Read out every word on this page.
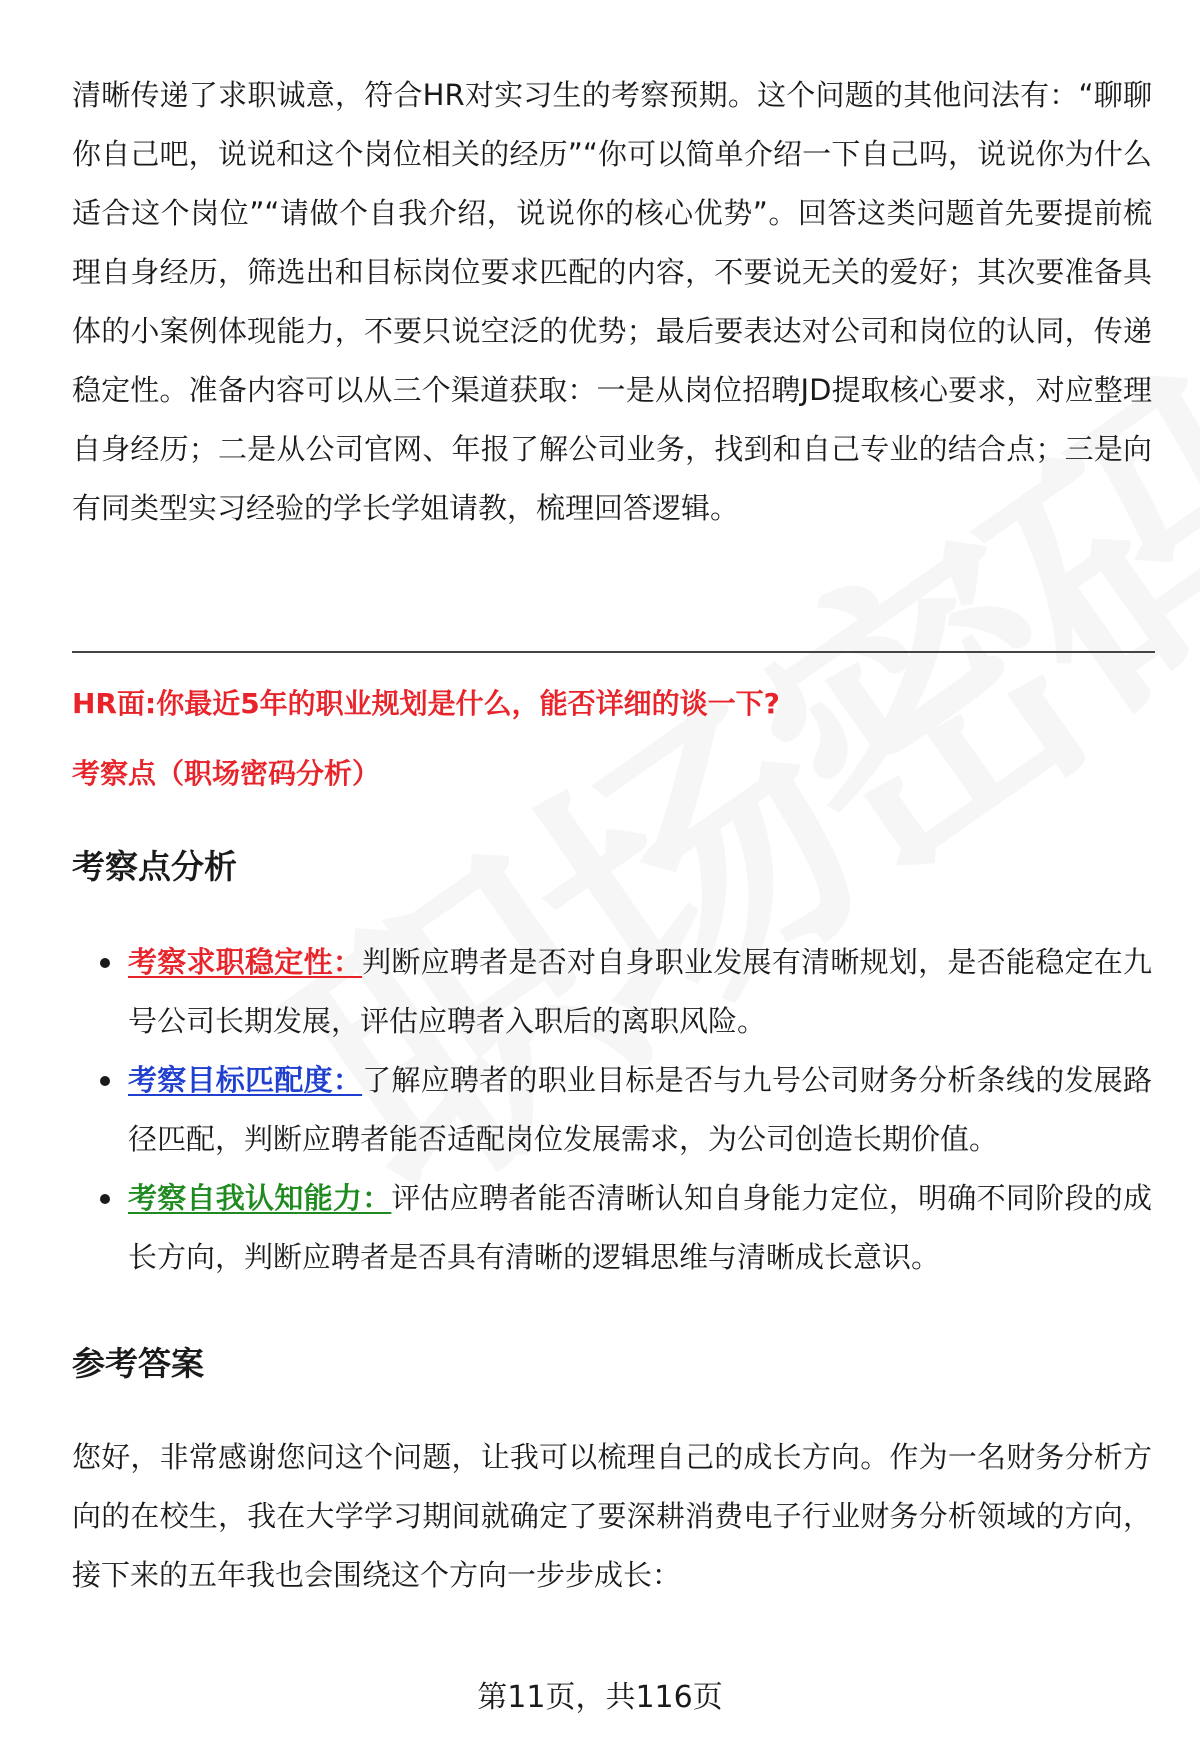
清晰传递了求职诚意，符合HR对实习生的考察预期。这个问题的其他问法有：“聊聊你自己吧，说说和这个岗位相关的经历”“你可以简单介绍一下自己吗，说说你为什么适合这个岗位”“请做个自我介绍，说说你的核心优势”。回答这类问题首先要提前梳理自身经历，筛选出和目标岗位要求匹配的内容，不要说无关的爱好；其次要准备具体的小案例体现能力，不要只说空泛的优势；最后要表达对公司和岗位的认同，传递稳定性。准备内容可以从三个渠道获取：一是从岗位招聘JD提取核心要求，对应整理自身经历；二是从公司官网、年报了解公司业务，找到和自己专业的结合点；三是向有同类型实习经验的学长学姐请教，梳理回答逻辑。

HR面:你最近5年的职业规划是什么，能否详细的谈一下?

考察点（职场密码分析）

考察点分析
考察求职稳定性：判断应聘者是否对自身职业发展有清晰规划，是否能稳定在九号公司长期发展，评估应聘者入职后的离职风险。
考察目标匹配度：了解应聘者的职业目标是否与九号公司财务分析条线的发展路径匹配，判断应聘者能否适配岗位发展需求，为公司创造长期价值。
考察自我认知能力：评估应聘者能否清晰认知自身能力定位，明确不同阶段的成长方向，判断应聘者是否具有清晰的逻辑思维与清晰成长意识。
参考答案

您好，非常感谢您问这个问题，让我可以梳理自己的成长方向。作为一名财务分析方向的在校生，我在大学学习期间就确定了要深耕消费电子行业财务分析领域的方向，接下来的五年我也会围绕这个方向一步步成长：

第11页，共116页
